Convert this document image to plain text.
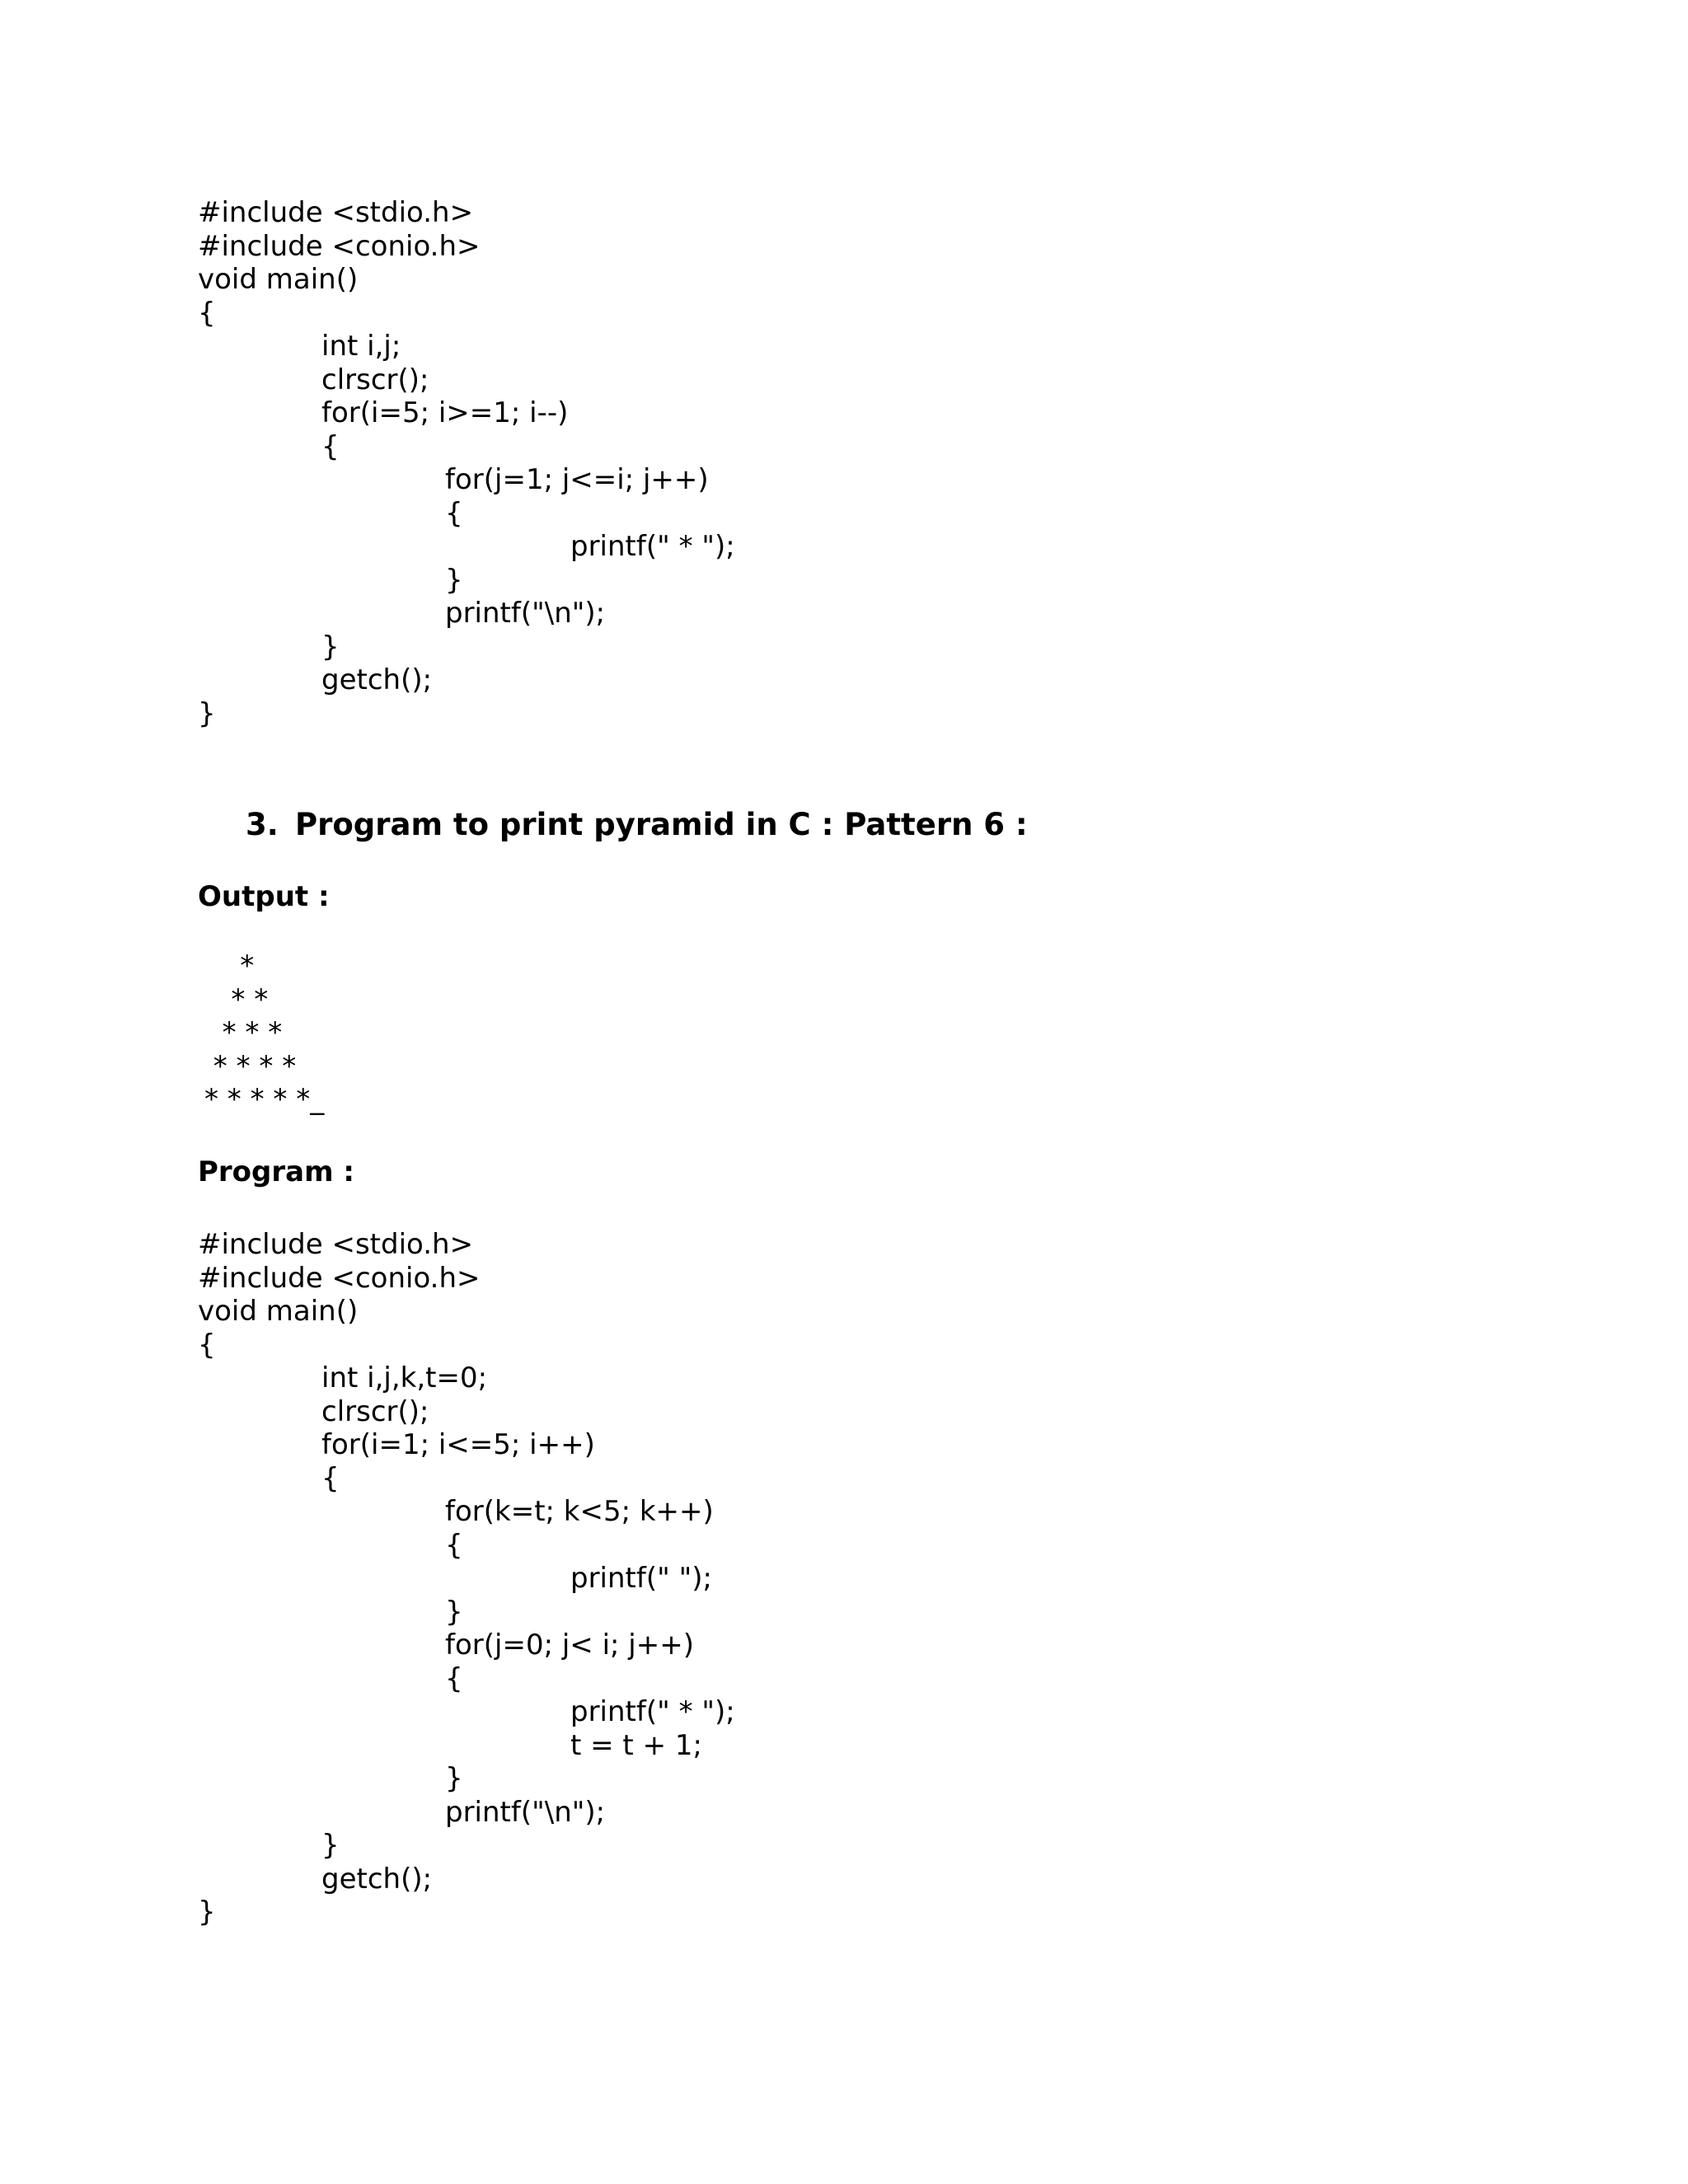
#include <stdio.h>
#include <conio.h>
void main()
{
int i,j;
clrscr();
for(i=5; i>=1; i--)
{
for(j=1; j<=i; j++)
{
printf(" * ");
}
printf("\n");
}
getch();
}
3. Program to print pyramid in C : Pattern 6 :
Output :
*
* *
* * *
* * * *
* * * * *_
Program :
#include <stdio.h>
#include <conio.h>
void main()
{
int i,j,k,t=0;
clrscr();
for(i=1; i<=5; i++)
{
for(k=t; k<5; k++)
{
printf(" ");
}
for(j=0; j< i; j++)
{
printf(" * ");
t = t + 1;
}
printf("\n");
}
getch();
}
